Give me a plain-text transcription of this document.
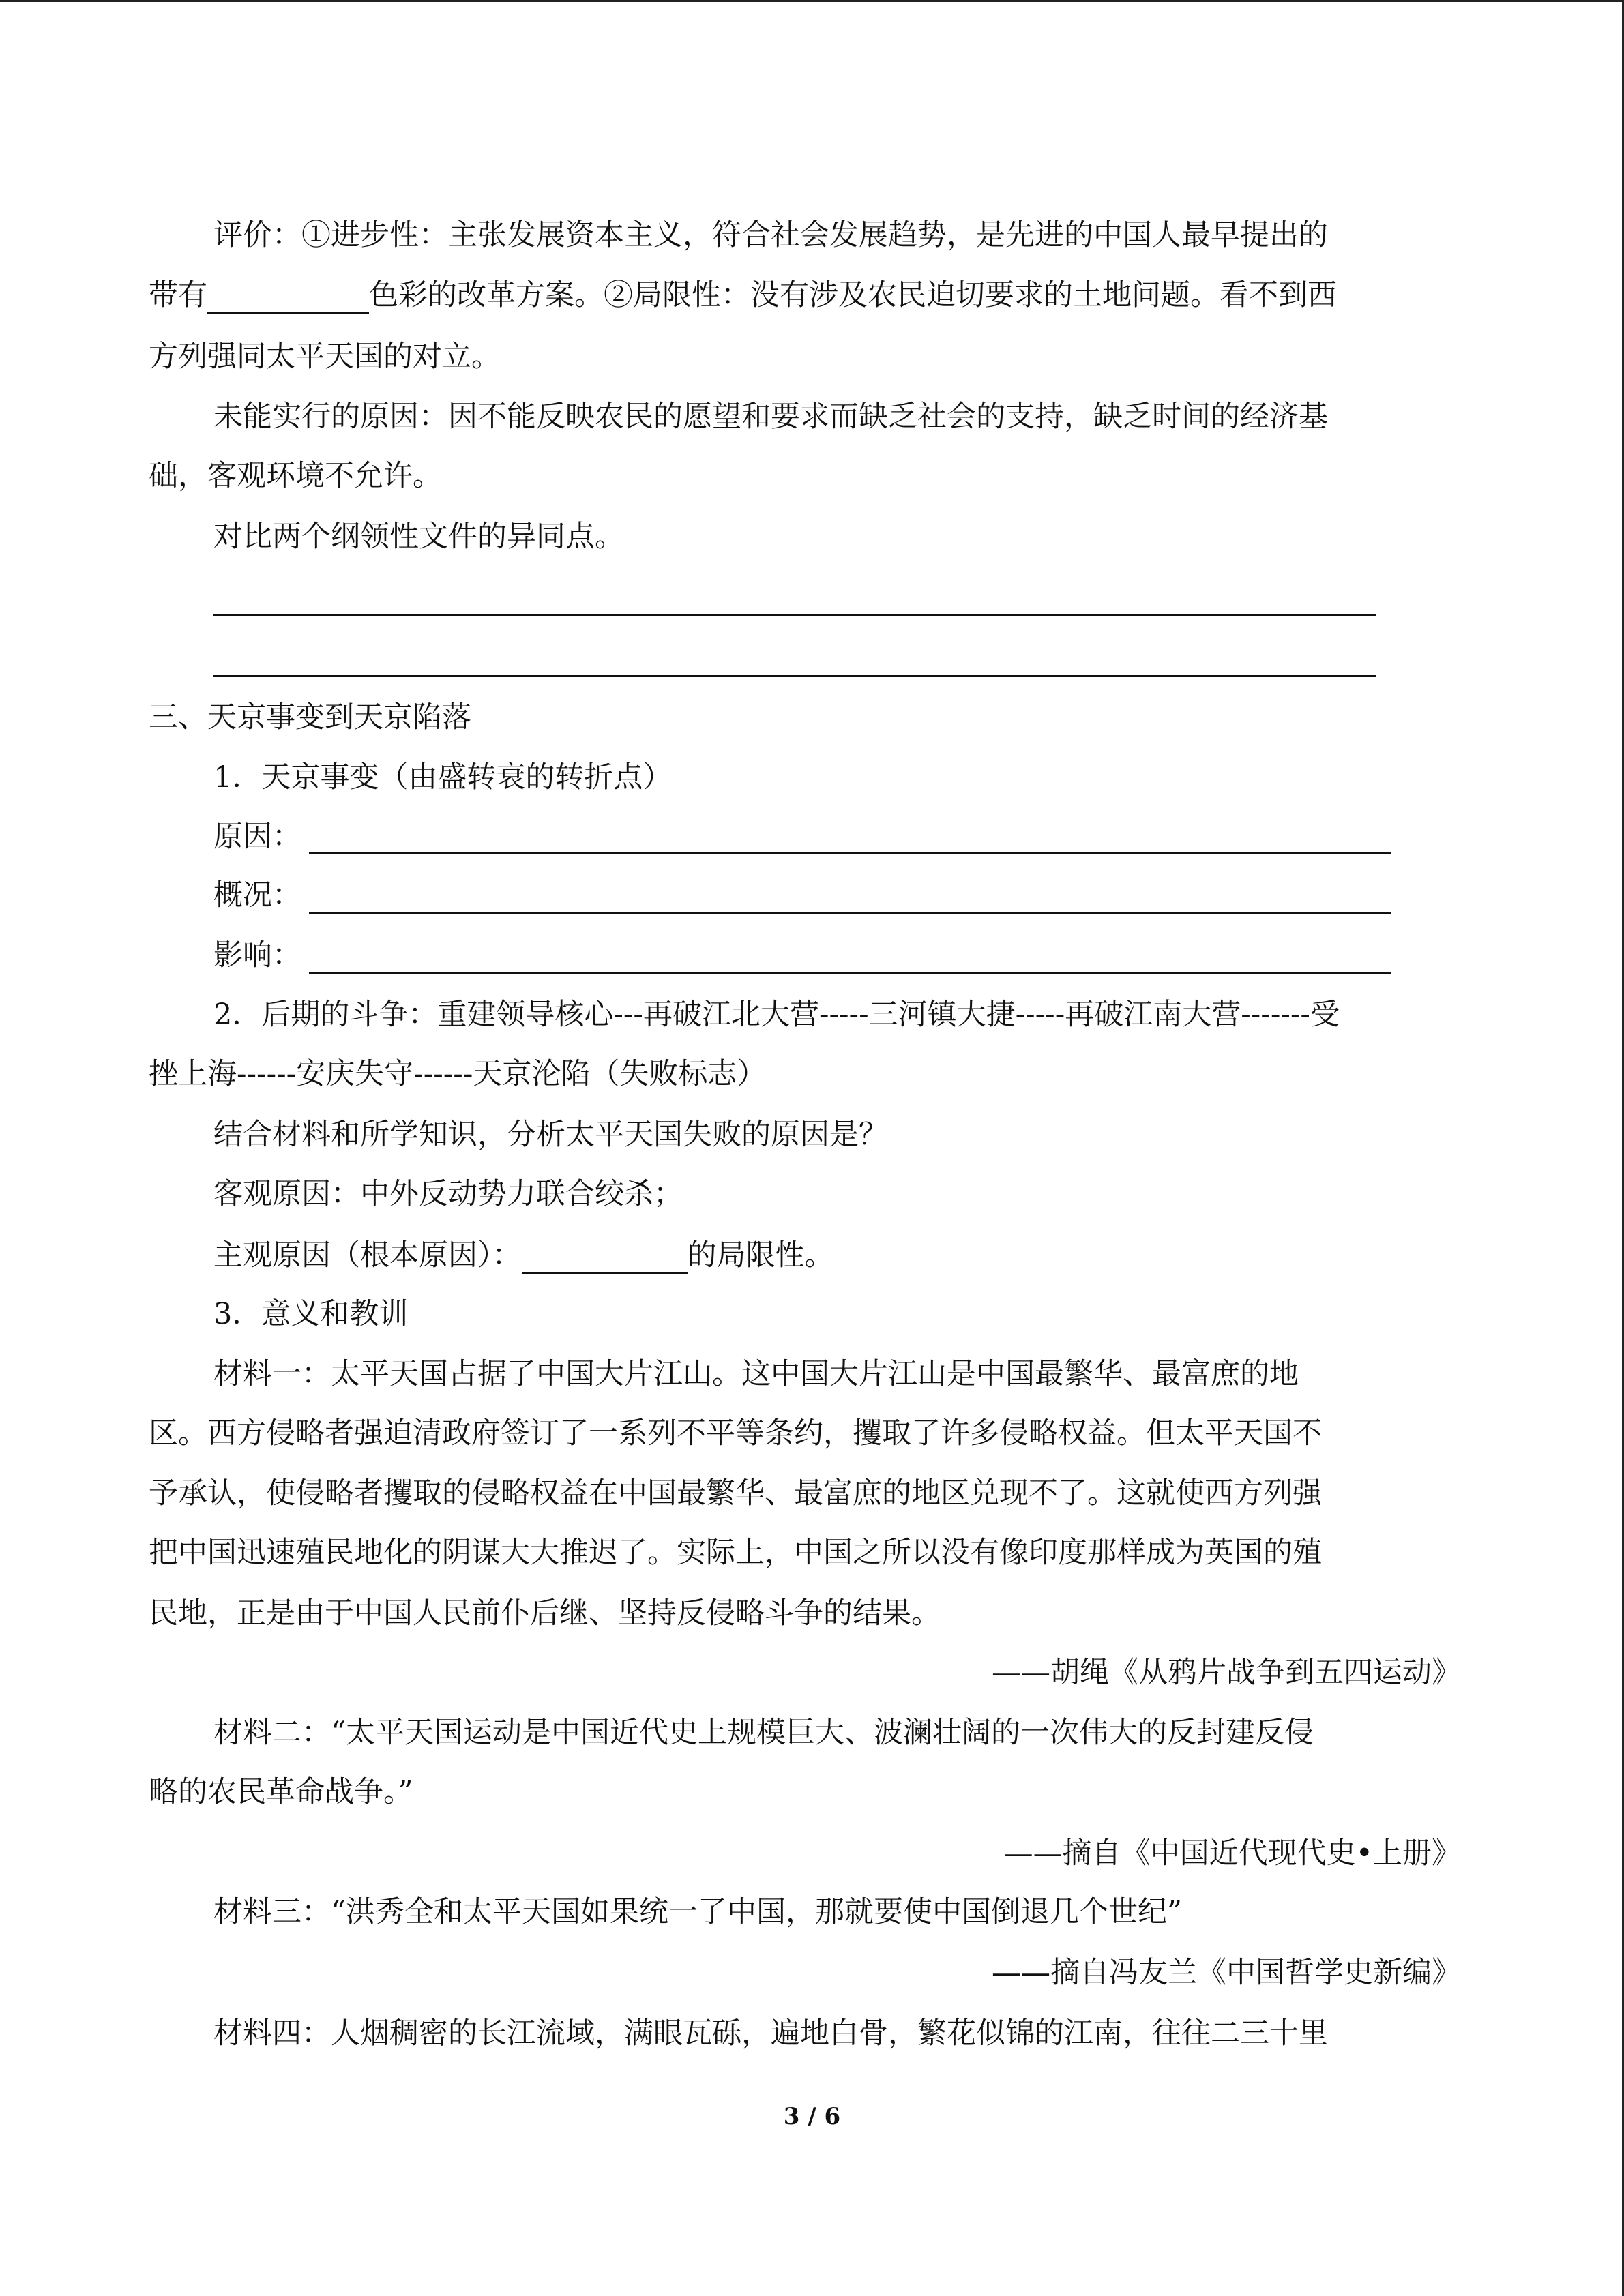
评价：①进步性：主张发展资本主义，符合社会发展趋势，是先进的中国人最早提出的
带有	色彩的改革方案。②局限性：没有涉及农民迫切要求的土地问题。看不到西
方列强同太平天国的对立。
未能实行的原因：因不能反映农民的愿望和要求而缺乏社会的支持，缺乏时间的经济基
础，客观环境不允许。
对比两个纲领性文件的异同点。
三、天京事变到天京陷落
1．天京事变（由盛转衰的转折点）
原因：
概况：
影响：
2．后期的斗争：重建领导核心---再破江北大营-----三河镇大捷-----再破江南大营-------受
挫上海------安庆失守------天京沦陷（失败标志）
结合材料和所学知识，分析太平天国失败的原因是？
客观原因：中外反动势力联合绞杀；
主观原因（根本原因）：	的局限性。
3．意义和教训
材料一：太平天国占据了中国大片江山。这中国大片江山是中国最繁华、最富庶的地
区。西方侵略者强迫清政府签订了一系列不平等条约，攫取了许多侵略权益。但太平天国不
予承认，使侵略者攫取的侵略权益在中国最繁华、最富庶的地区兑现不了。这就使西方列强
把中国迅速殖民地化的阴谋大大推迟了。实际上，中国之所以没有像印度那样成为英国的殖
民地，正是由于中国人民前仆后继、坚持反侵略斗争的结果。
——胡绳《从鸦片战争到五四运动》
材料二：“太平天国运动是中国近代史上规模巨大、波澜壮阔的一次伟大的反封建反侵
略的农民革命战争。”
——摘自《中国近代现代史•上册》
材料三：“洪秀全和太平天国如果统一了中国，那就要使中国倒退几个世纪”
——摘自冯友兰《中国哲学史新编》
材料四：人烟稠密的长江流域，满眼瓦砾，遍地白骨，繁花似锦的江南，往往二三十里
3 / 6
